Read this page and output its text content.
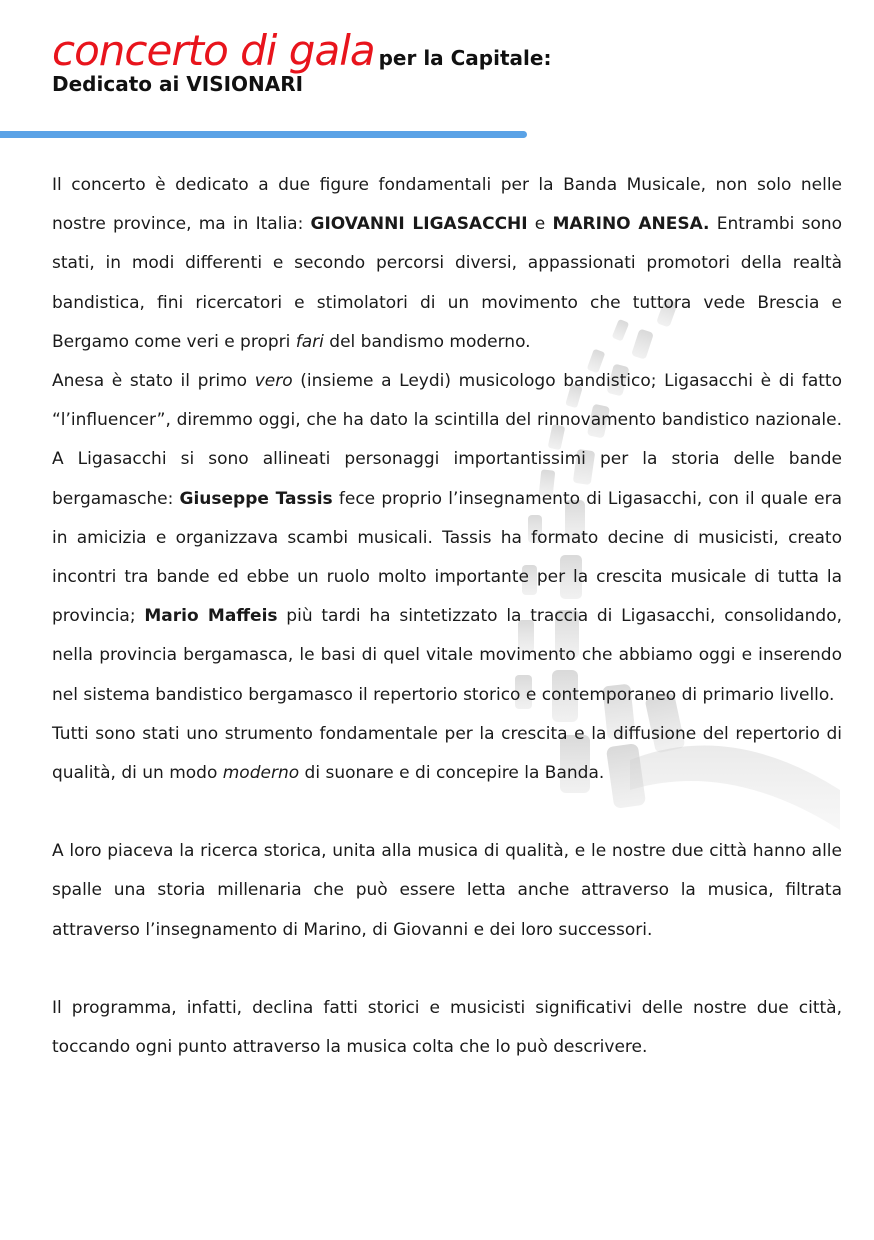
concerto di gala per la Capitale:
Dedicato ai VISIONARI

Il concerto è dedicato a due figure fondamentali per la Banda Musicale, non solo nelle nostre province, ma in Italia: GIOVANNI LIGASACCHI e MARINO ANESA. Entrambi sono stati, in modi differenti e secondo percorsi diversi, appassionati promotori della realtà bandistica, fini ricercatori e stimolatori di un movimento che tuttora vede Brescia e Bergamo come veri e propri fari del bandismo moderno.

Anesa è stato il primo vero (insieme a Leydi) musicologo bandistico; Ligasacchi è di fatto “l’influencer”, diremmo oggi, che ha dato la scintilla del rinnovamento bandistico nazionale. A Ligasacchi si sono allineati personaggi importantissimi per la storia delle bande bergamasche: Giuseppe Tassis fece proprio l’insegnamento di Ligasacchi, con il quale era in amicizia e organizzava scambi musicali. Tassis ha formato decine di musicisti, creato incontri tra bande ed ebbe un ruolo molto importante per la crescita musicale di tutta la provincia; Mario Maffeis più tardi ha sintetizzato la traccia di Ligasacchi, consolidando, nella provincia bergamasca, le basi di quel vitale movimento che abbiamo oggi e inserendo nel sistema bandistico bergamasco il repertorio storico e contemporaneo di primario livello.

Tutti sono stati uno strumento fondamentale per la crescita e la diffusione del repertorio di qualità, di un modo moderno di suonare e di concepire la Banda.

A loro piaceva la ricerca storica, unita alla musica di qualità, e le nostre due città hanno alle spalle una storia millenaria che può essere letta anche attraverso la musica, filtrata attraverso l’insegnamento di Marino, di Giovanni e dei loro successori.

Il programma, infatti, declina fatti storici e musicisti significativi delle nostre due città, toccando ogni punto attraverso la musica colta che lo può descrivere.
